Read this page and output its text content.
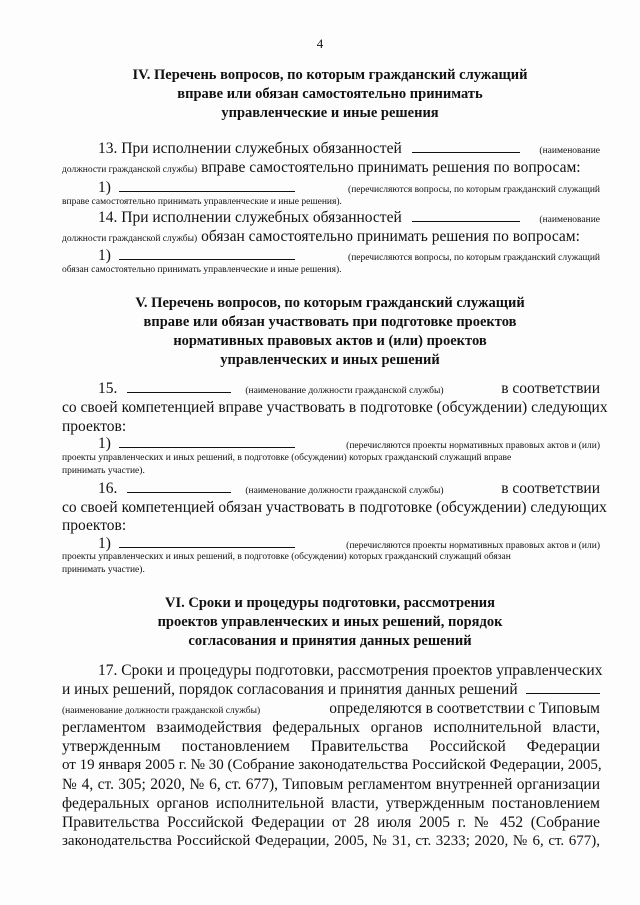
4
IV. Перечень вопросов, по которым гражданский служащий
вправе или обязан самостоятельно принимать
управленческие и иные решения
13. При исполнении служебных обязанностей	(наименование
должности гражданской службы) вправе самостоятельно принимать решения по вопросам:
1)	(перечисляются вопросы, по которым гражданский служащий
вправе самостоятельно принимать управленческие и иные решения).
14. При исполнении служебных обязанностей	(наименование
должности гражданской службы) обязан самостоятельно принимать решения по вопросам:
1)	(перечисляются вопросы, по которым гражданский служащий
обязан самостоятельно принимать управленческие и иные решения).
V. Перечень вопросов, по которым гражданский служащий
вправе или обязан участвовать при подготовке проектов
нормативных правовых актов и (или) проектов
управленческих и иных решений
15.	(наименование должности гражданской службы)	в соответствии
со своей компетенцией вправе участвовать в подготовке (обсуждении) следующих
проектов:
1)	(перечисляются проекты нормативных правовых актов и (или)
проекты управленческих и иных решений, в подготовке (обсуждении) которых гражданский служащий вправе
принимать участие).
16.	(наименование должности гражданской службы)	в соответствии
со своей компетенцией обязан участвовать в подготовке (обсуждении) следующих
проектов:
1)	(перечисляются проекты нормативных правовых актов и (или)
проекты управленческих и иных решений, в подготовке (обсуждении) которых гражданский служащий обязан
принимать участие).
VI. Сроки и процедуры подготовки, рассмотрения
проектов управленческих и иных решений, порядок
согласования и принятия данных решений
17. Сроки и процедуры подготовки, рассмотрения проектов управленческих
и иных решений, порядок согласования и принятия данных решений
(наименование должности гражданской службы)	определяются в соответствии с Типовым
регламентом взаимодействия федеральных органов исполнительной власти,
утвержденным постановлением Правительства Российской Федерации
от 19 января 2005 г. № 30 (Собрание законодательства Российской Федерации, 2005,
№ 4, ст. 305; 2020, № 6, ст. 677), Типовым регламентом внутренней организации
федеральных органов исполнительной власти, утвержденным постановлением
Правительства Российской Федерации от 28 июля 2005 г. № 452 (Собрание
законодательства Российской Федерации, 2005, № 31, ст. 3233; 2020, № 6, ст. 677),
